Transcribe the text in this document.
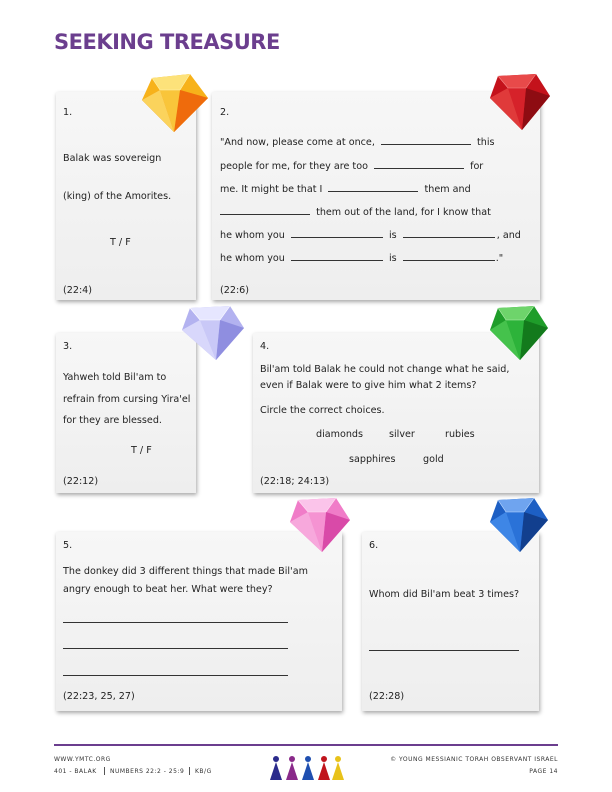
SEEKING TREASURE
1.
Balak was sovereign
(king) of the Amorites.
T / F
(22:4)
2.
"And now, please come at once,	this
people for me, for they are too	for
me. It might be that I	them and
them out of the land, for I know that
he whom you	is	, and
he whom you	is	."
(22:6)
3.
Yahweh told Bil'am to
refrain from cursing Yira'el
for they are blessed.
T / F
(22:12)
4.
Bil'am told Balak he could not change what he said,
even if Balak were to give him what 2 items?
Circle the correct choices.
diamonds	silver	rubies
sapphires	gold
(22:18; 24:13)
5.
The donkey did 3 different things that made Bil'am
angry enough to beat her. What were they?
(22:23, 25, 27)
6.
Whom did Bil'am beat 3 times?
(22:28)
WWW.YMTC.ORG
401 - BALAK NUMBERS 22:2 - 25:9 KB/G
© YOUNG MESSIANIC TORAH OBSERVANT ISRAEL
PAGE 14
